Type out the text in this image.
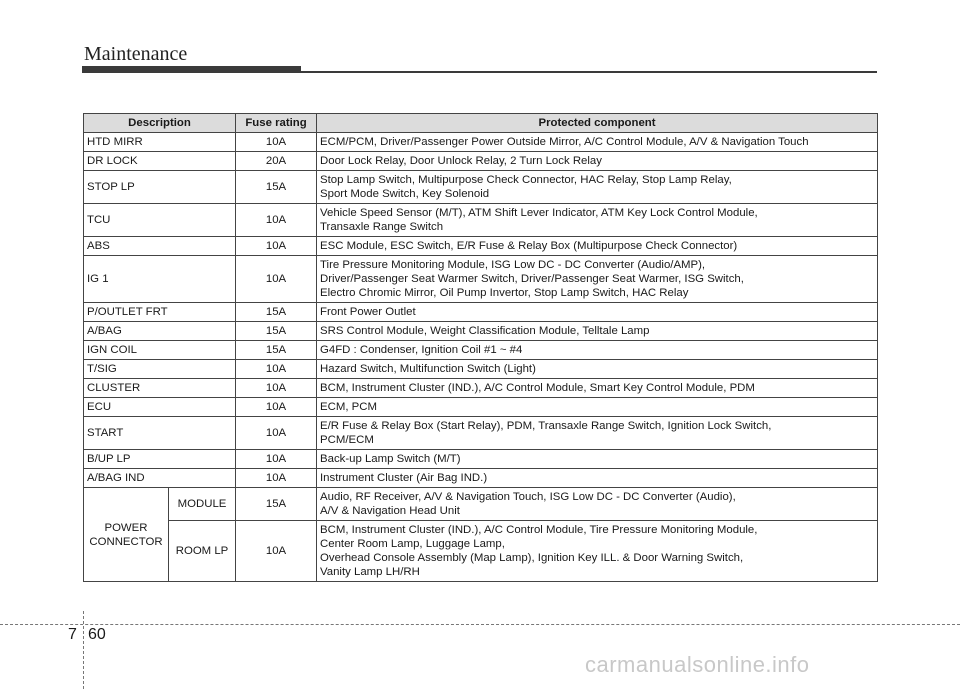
Maintenance
Description		Fuse rating	Protected component
HTD MIRR		10A	ECM/PCM, Driver/Passenger Power Outside Mirror, A/C Control Module, A/V & Navigation Touch

DR LOCK		20A	Door Lock Relay, Door Unlock Relay, 2 Turn Lock Relay

STOP LP		15A	Stop Lamp Switch, Multipurpose Check Connector, HAC Relay, Stop Lamp Relay,
Sport Mode Switch, Key Solenoid

TCU		10A	Vehicle Speed Sensor (M/T), ATM Shift Lever Indicator, ATM Key Lock Control Module,
Transaxle Range Switch

ABS		10A	ESC Module, ESC Switch, E/R Fuse & Relay Box (Multipurpose Check Connector)

IG 1		10A	Tire Pressure Monitoring Module, ISG Low DC - DC Converter (Audio/AMP),
Driver/Passenger Seat Warmer Switch, Driver/Passenger Seat Warmer, ISG Switch,
Electro Chromic Mirror, Oil Pump Invertor, Stop Lamp Switch, HAC Relay

P/OUTLET FRT		15A	Front Power Outlet

A/BAG		15A	SRS Control Module, Weight Classification Module, Telltale Lamp

IGN COIL		15A	G4FD : Condenser, Ignition Coil #1 ~ #4

T/SIG		10A	Hazard Switch, Multifunction Switch (Light)

CLUSTER		10A	BCM, Instrument Cluster (IND.), A/C Control Module, Smart Key Control Module, PDM

ECU		10A	ECM, PCM

START		10A	E/R Fuse & Relay Box (Start Relay), PDM, Transaxle Range Switch, Ignition Lock Switch,
PCM/ECM

B/UP LP		10A	Back-up Lamp Switch (M/T)

A/BAG IND		10A	Instrument Cluster (Air Bag IND.)

POWER
CONNECTOR	MODULE	15A	Audio, RF Receiver, A/V & Navigation Touch, ISG Low DC - DC Converter (Audio),
A/V & Navigation Head Unit

	ROOM LP	10A	BCM, Instrument Cluster (IND.), A/C Control Module, Tire Pressure Monitoring Module,
Center Room Lamp, Luggage Lamp,
Overhead Console Assembly (Map Lamp), Ignition Key ILL. & Door Warning Switch,
Vanity Lamp LH/RH
7 60
carmanualsonline.info
